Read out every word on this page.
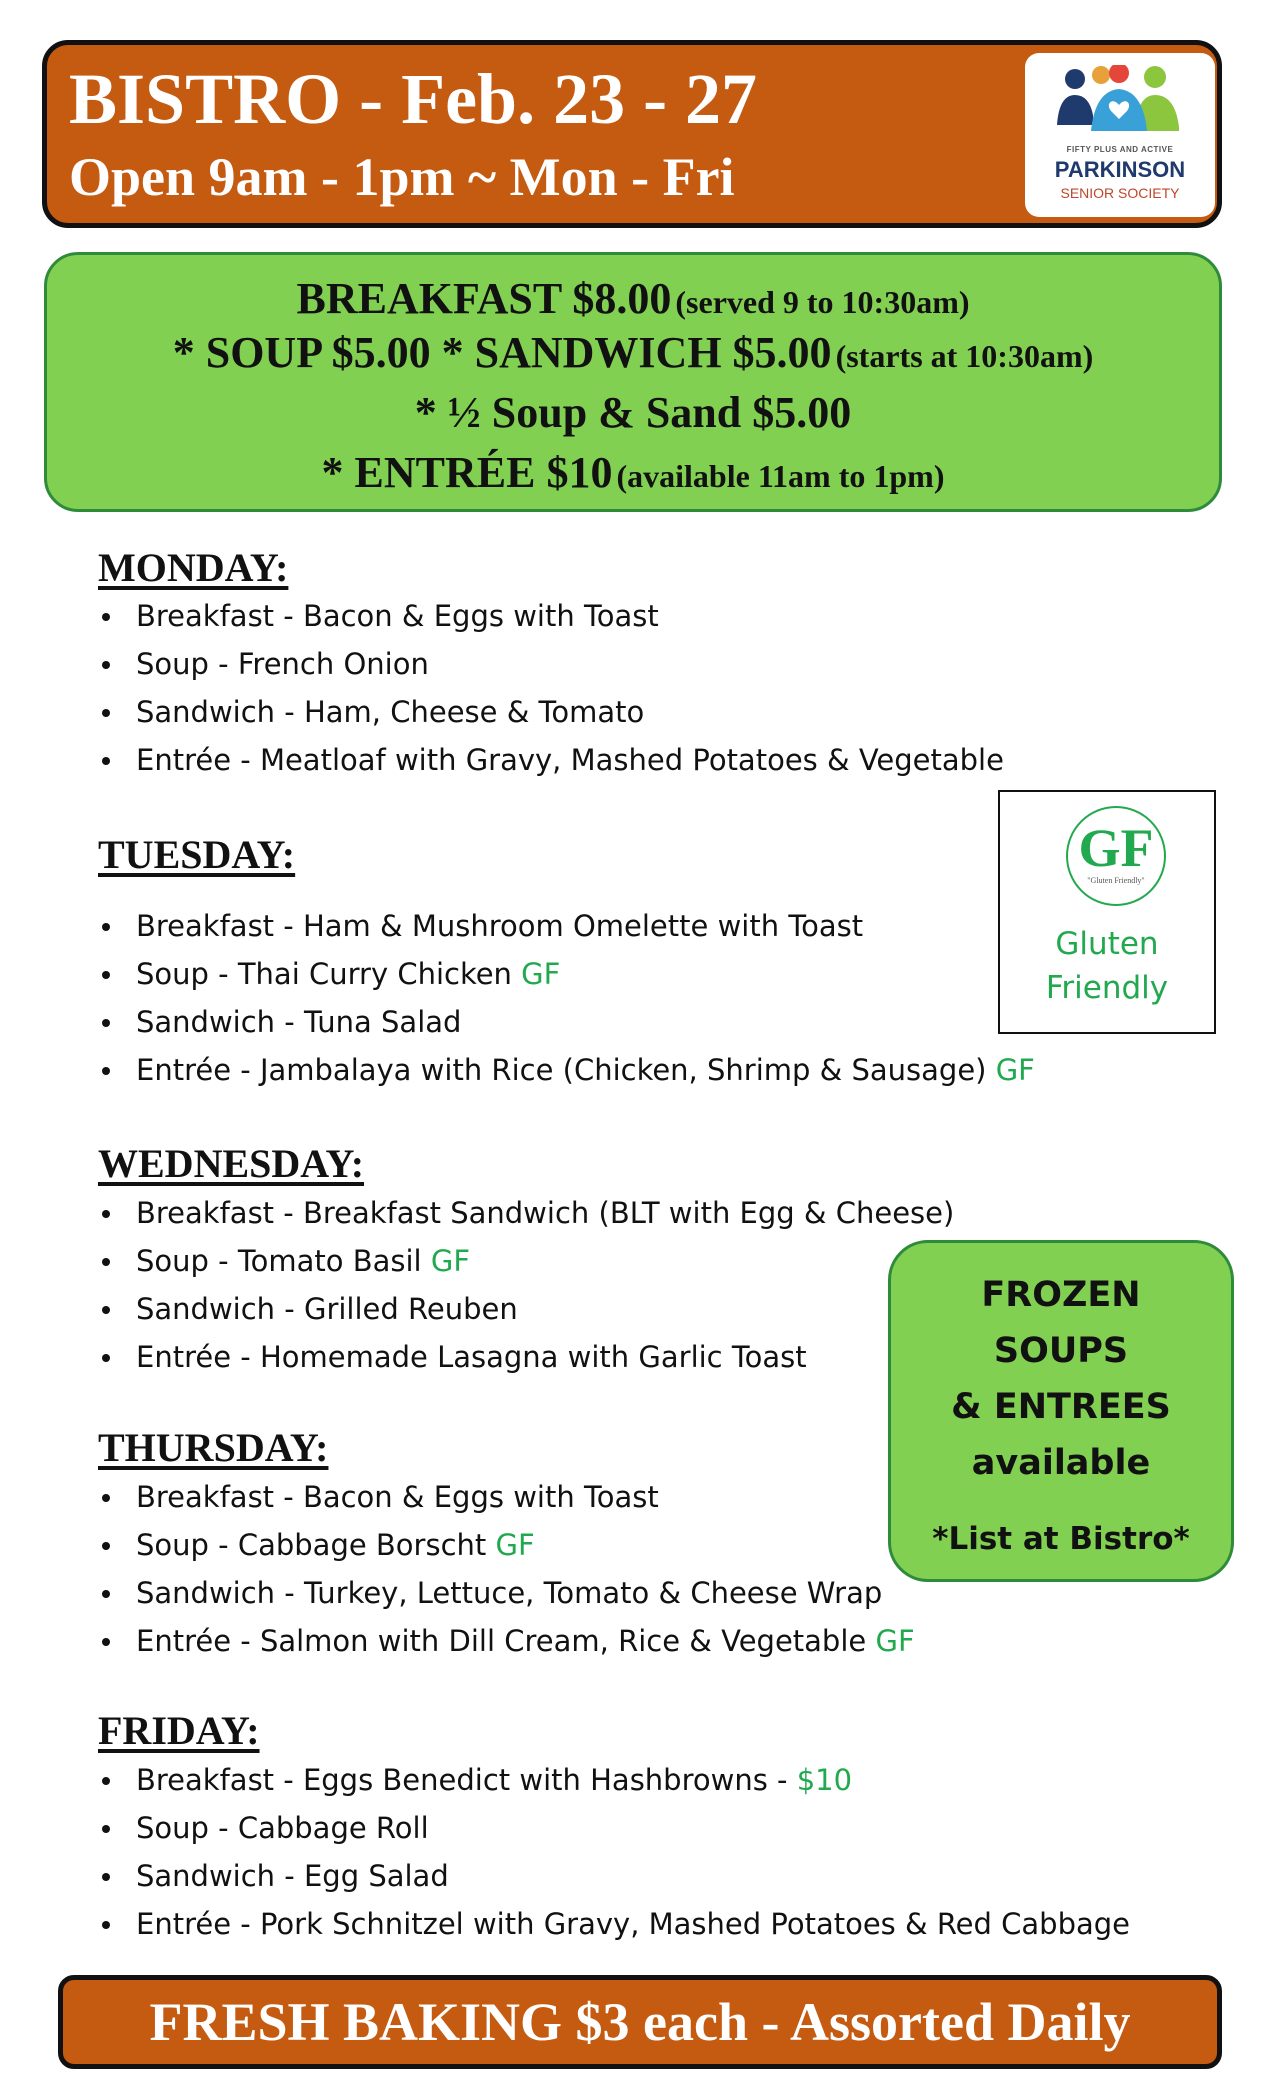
BISTRO - Feb. 23 - 27
Open 9am - 1pm ~ Mon - Fri	FIFTY PLUS AND ACTIVE
PARKINSON
SENIOR SOCIETY
BREAKFAST $8.00 (served 9 to 10:30am)
* SOUP $5.00 * SANDWICH $5.00 (starts at 10:30am)
* ½ Soup & Sand $5.00
* ENTRÉE $10 (available 11am to 1pm)
MONDAY:
Breakfast - Bacon & Eggs with Toast
Soup - French Onion
Sandwich - Ham, Cheese & Tomato
Entrée - Meatloaf with Gravy, Mashed Potatoes & Vegetable
TUESDAY:
Breakfast - Ham & Mushroom Omelette with Toast
Soup - Thai Curry Chicken GF
Sandwich - Tuna Salad
Entrée - Jambalaya with Rice (Chicken, Shrimp & Sausage) GF
WEDNESDAY:
Breakfast - Breakfast Sandwich (BLT with Egg & Cheese)
Soup - Tomato Basil GF
Sandwich - Grilled Reuben
Entrée - Homemade Lasagna with Garlic Toast
THURSDAY:
Breakfast - Bacon & Eggs with Toast
Soup - Cabbage Borscht GF
Sandwich - Turkey, Lettuce, Tomato & Cheese Wrap
Entrée - Salmon with Dill Cream, Rice & Vegetable GF
FRIDAY:
Breakfast - Eggs Benedict with Hashbrowns - $10
Soup - Cabbage Roll
Sandwich - Egg Salad
Entrée - Pork Schnitzel with Gravy, Mashed Potatoes & Red Cabbage
GF
"Gluten Friendly"
Gluten
Friendly
FROZEN
SOUPS
& ENTREES
available
*List at Bistro*
FRESH BAKING $3 each - Assorted Daily
